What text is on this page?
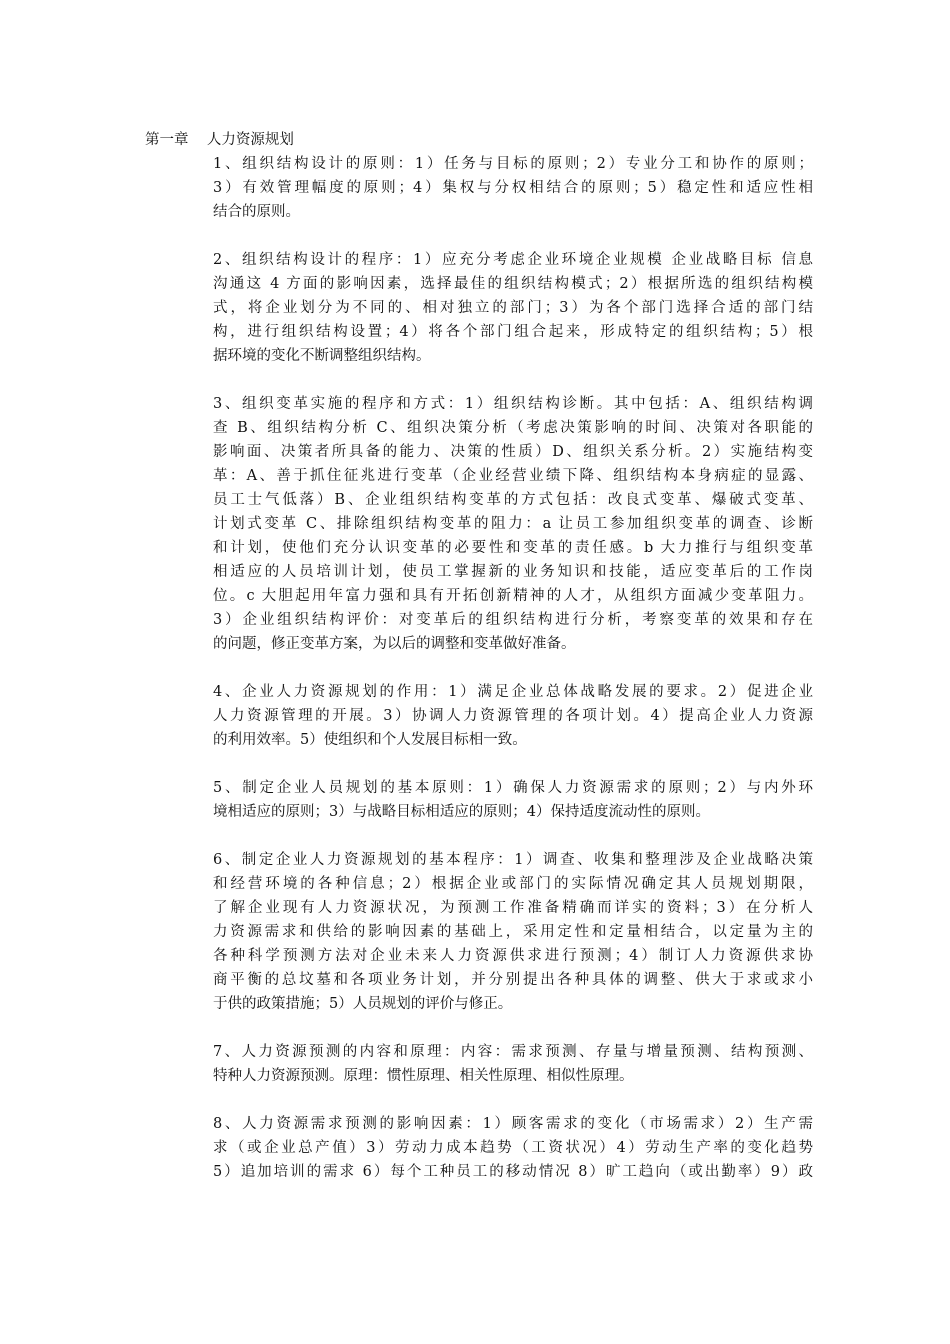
第一章    人力资源规划
1、组织结构设计的原则：1）任务与目标的原则；2）专业分工和协作的原则；
3）有效管理幅度的原则；4）集权与分权相结合的原则；5）稳定性和适应性相
结合的原则。
2、组织结构设计的程序：1）应充分考虑企业环境企业规模 企业战略目标 信息
沟通这 4 方面的影响因素，选择最佳的组织结构模式；2）根据所选的组织结构模
式，将企业划分为不同的、相对独立的部门；3）为各个部门选择合适的部门结
构，进行组织结构设置；4）将各个部门组合起来，形成特定的组织结构；5）根
据环境的变化不断调整组织结构。
3、组织变革实施的程序和方式：1）组织结构诊断。其中包括：A、组织结构调
查 B、组织结构分析 C、组织决策分析（考虑决策影响的时间、决策对各职能的
影响面、决策者所具备的能力、决策的性质）D、组织关系分析。2）实施结构变
革：A、善于抓住征兆进行变革（企业经营业绩下降、组织结构本身病症的显露、
员工士气低落）B、企业组织结构变革的方式包括：改良式变革、爆破式变革、
计划式变革 C、排除组织结构变革的阻力：a 让员工参加组织变革的调查、诊断
和计划，使他们充分认识变革的必要性和变革的责任感。b 大力推行与组织变革
相适应的人员培训计划，使员工掌握新的业务知识和技能，适应变革后的工作岗
位。c 大胆起用年富力强和具有开拓创新精神的人才，从组织方面减少变革阻力。
3）企业组织结构评价：对变革后的组织结构进行分析，考察变革的效果和存在
的问题，修正变革方案，为以后的调整和变革做好准备。
4、企业人力资源规划的作用：1）满足企业总体战略发展的要求。2）促进企业
人力资源管理的开展。3）协调人力资源管理的各项计划。4）提高企业人力资源
的利用效率。5）使组织和个人发展目标相一致。
5、制定企业人员规划的基本原则：1）确保人力资源需求的原则；2）与内外环
境相适应的原则；3）与战略目标相适应的原则；4）保持适度流动性的原则。
6、制定企业人力资源规划的基本程序：1）调查、收集和整理涉及企业战略决策
和经营环境的各种信息；2）根据企业或部门的实际情况确定其人员规划期限，
了解企业现有人力资源状况，为预测工作准备精确而详实的资料；3）在分析人
力资源需求和供给的影响因素的基础上，采用定性和定量相结合，以定量为主的
各种科学预测方法对企业未来人力资源供求进行预测；4）制订人力资源供求协
商平衡的总坟墓和各项业务计划，并分别提出各种具体的调整、供大于求或求小
于供的政策措施；5）人员规划的评价与修正。
7、人力资源预测的内容和原理：内容：需求预测、存量与增量预测、结构预测、
特种人力资源预测。原理：惯性原理、相关性原理、相似性原理。
8、人力资源需求预测的影响因素：1）顾客需求的变化（市场需求）2）生产需
求（或企业总产值）3）劳动力成本趋势（工资状况）4）劳动生产率的变化趋势
5）追加培训的需求 6）每个工种员工的移动情况 8）旷工趋向（或出勤率）9）政
